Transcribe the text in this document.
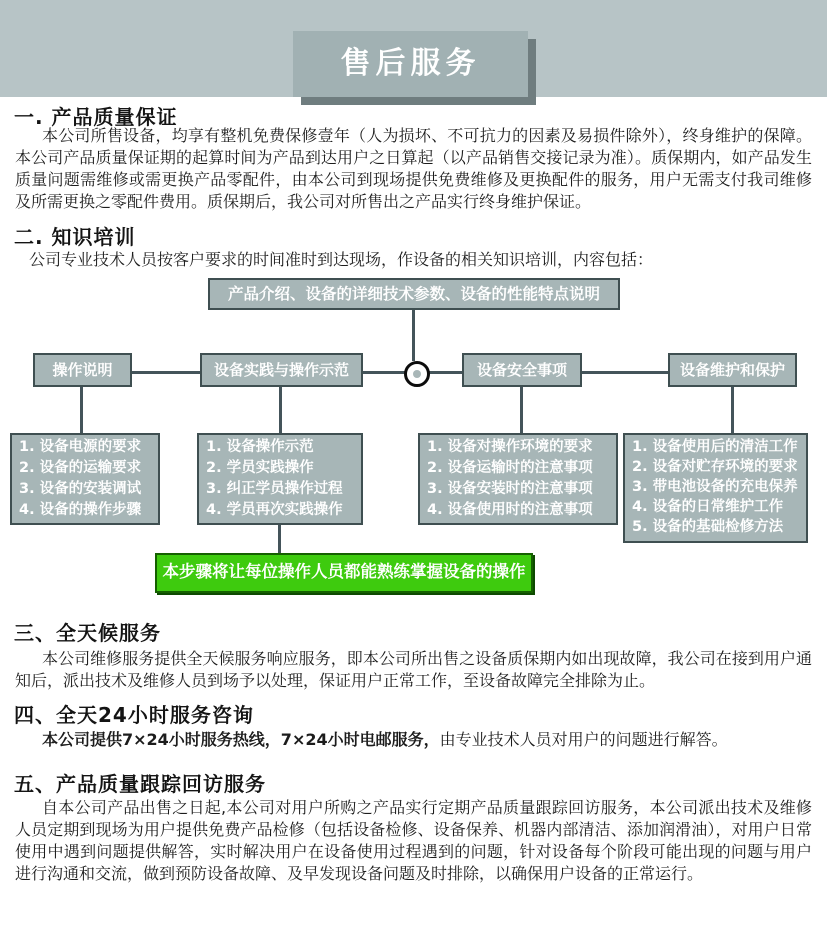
售后服务
一. 产品质量保证

本公司所售设备，均享有整机免费保修壹年（人为损坏、不可抗力的因素及易损件除外），终身维护的保障。本公司产品质量保证期的起算时间为产品到达用户之日算起（以产品销售交接记录为准）。质保期内，如产品发生质量问题需维修或需更换产品零配件，由本公司到现场提供免费维修及更换配件的服务，用户无需支付我司维修及所需更换之零配件费用。质保期后，我公司对所售出之产品实行终身维护保证。

二. 知识培训

公司专业技术人员按客户要求的时间准时到达现场，作设备的相关知识培训，内容包括：

产品介绍、设备的详细技术参数、设备的性能特点说明
操作说明	设备实践与操作示范	设备安全事项	设备维护和保护
1. 设备电源的要求
2. 设备的运输要求
3. 设备的安装调试
4. 设备的操作步骤
1. 设备操作示范
2. 学员实践操作
3. 纠正学员操作过程
4. 学员再次实践操作
1. 设备对操作环境的要求
2. 设备运输时的注意事项
3. 设备安装时的注意事项
4. 设备使用时的注意事项
1. 设备使用后的清洁工作
2. 设备对贮存环境的要求
3. 带电池设备的充电保养
4. 设备的日常维护工作
5. 设备的基础检修方法
本步骤将让每位操作人员都能熟练掌握设备的操作
三、全天候服务

本公司维修服务提供全天候服务响应服务，即本公司所出售之设备质保期内如出现故障，我公司在接到用户通知后，派出技术及维修人员到场予以处理，保证用户正常工作，至设备故障完全排除为止。

四、全天24小时服务咨询

本公司提供7×24小时服务热线，7×24小时电邮服务，由专业技术人员对用户的问题进行解答。

五、产品质量跟踪回访服务

自本公司产品出售之日起,本公司对用户所购之产品实行定期产品质量跟踪回访服务，本公司派出技术及维修人员定期到现场为用户提供免费产品检修（包括设备检修、设备保养、机器内部清洁、添加润滑油），对用户日常使用中遇到问题提供解答，实时解决用户在设备使用过程遇到的问题，针对设备每个阶段可能出现的问题与用户进行沟通和交流，做到预防设备故障、及早发现设备问题及时排除，以确保用户设备的正常运行。
